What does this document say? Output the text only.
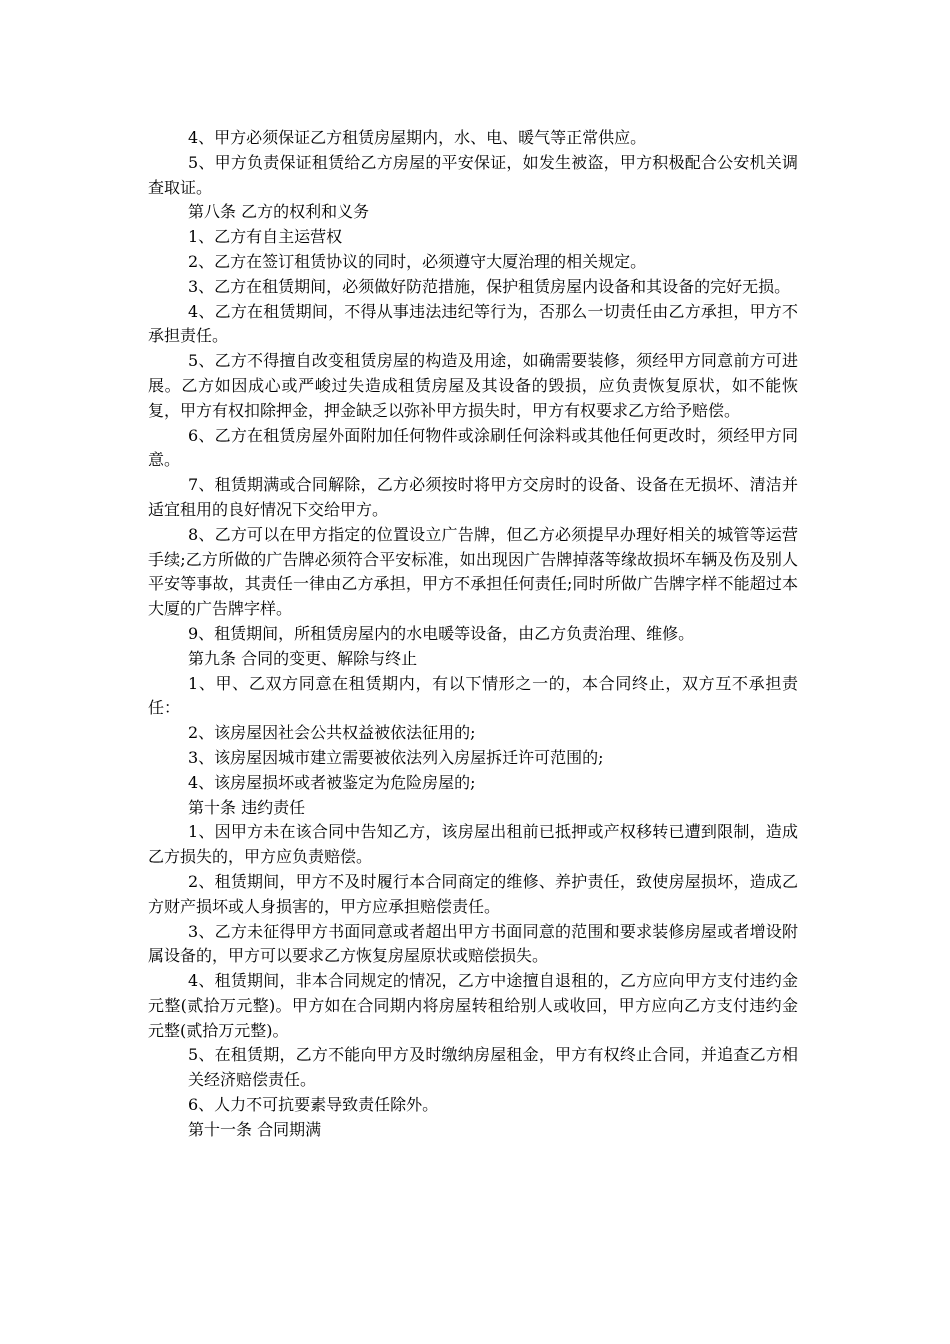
4、甲方必须保证乙方租赁房屋期内，水、电、暖气等正常供应。

5、甲方负责保证租赁给乙方房屋的平安保证，如发生被盗，甲方积极配合公安机关调查取证。

第八条 乙方的权利和义务

1、乙方有自主运营权

2、乙方在签订租赁协议的同时，必须遵守大厦治理的相关规定。

3、乙方在租赁期间，必须做好防范措施，保护租赁房屋内设备和其设备的完好无损。

4、乙方在租赁期间，不得从事违法违纪等行为，否那么一切责任由乙方承担，甲方不承担责任。

5、乙方不得擅自改变租赁房屋的构造及用途，如确需要装修，须经甲方同意前方可进展。乙方如因成心或严峻过失造成租赁房屋及其设备的毁损，应负责恢复原状，如不能恢复，甲方有权扣除押金，押金缺乏以弥补甲方损失时，甲方有权要求乙方给予赔偿。

6、乙方在租赁房屋外面附加任何物件或涂刷任何涂料或其他任何更改时，须经甲方同意。

7、租赁期满或合同解除，乙方必须按时将甲方交房时的设备、设备在无损坏、清洁并适宜租用的良好情况下交给甲方。

8、乙方可以在甲方指定的位置设立广告牌，但乙方必须提早办理好相关的城管等运营手续;乙方所做的广告牌必须符合平安标准，如出现因广告牌掉落等缘故损坏车辆及伤及别人平安等事故，其责任一律由乙方承担，甲方不承担任何责任;同时所做广告牌字样不能超过本大厦的广告牌字样。

9、租赁期间，所租赁房屋内的水电暖等设备，由乙方负责治理、维修。

第九条 合同的变更、解除与终止

1、甲、乙双方同意在租赁期内，有以下情形之一的，本合同终止，双方互不承担责任：

2、该房屋因社会公共权益被依法征用的;

3、该房屋因城市建立需要被依法列入房屋拆迁许可范围的;

4、该房屋损坏或者被鉴定为危险房屋的;

第十条 违约责任

1、因甲方未在该合同中告知乙方，该房屋出租前已抵押或产权移转已遭到限制，造成乙方损失的，甲方应负责赔偿。

2、租赁期间，甲方不及时履行本合同商定的维修、养护责任，致使房屋损坏，造成乙方财产损坏或人身损害的，甲方应承担赔偿责任。

3、乙方未征得甲方书面同意或者超出甲方书面同意的范围和要求装修房屋或者增设附属设备的，甲方可以要求乙方恢复房屋原状或赔偿损失。

4、租赁期间，非本合同规定的情况，乙方中途擅自退租的，乙方应向甲方支付违约金 元整(贰拾万元整)。甲方如在合同期内将房屋转租给别人或收回，甲方应向乙方支付违约金 元整(贰拾万元整)。

5、在租赁期，乙方不能向甲方及时缴纳房屋租金，甲方有权终止合同，并追查乙方相关经济赔偿责任。

6、人力不可抗要素导致责任除外。

第十一条 合同期满
